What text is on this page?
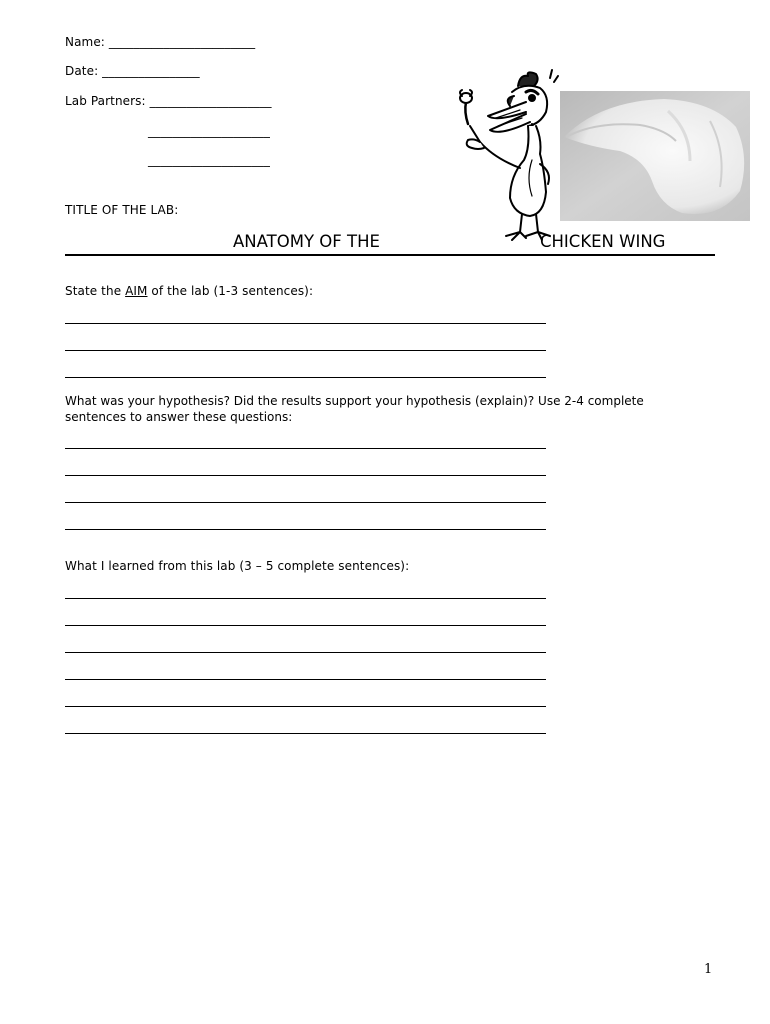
Name: ________________________
Date: ________________
Lab Partners: ____________________
____________________
____________________
TITLE OF THE LAB:
ANATOMY OF THE	CHICKEN WING
State the AIM of the lab (1-3 sentences):
What was your hypothesis? Did the results support your hypothesis (explain)? Use 2-4 complete sentences to answer these questions:
What I learned from this lab (3 – 5 complete sentences):
1
